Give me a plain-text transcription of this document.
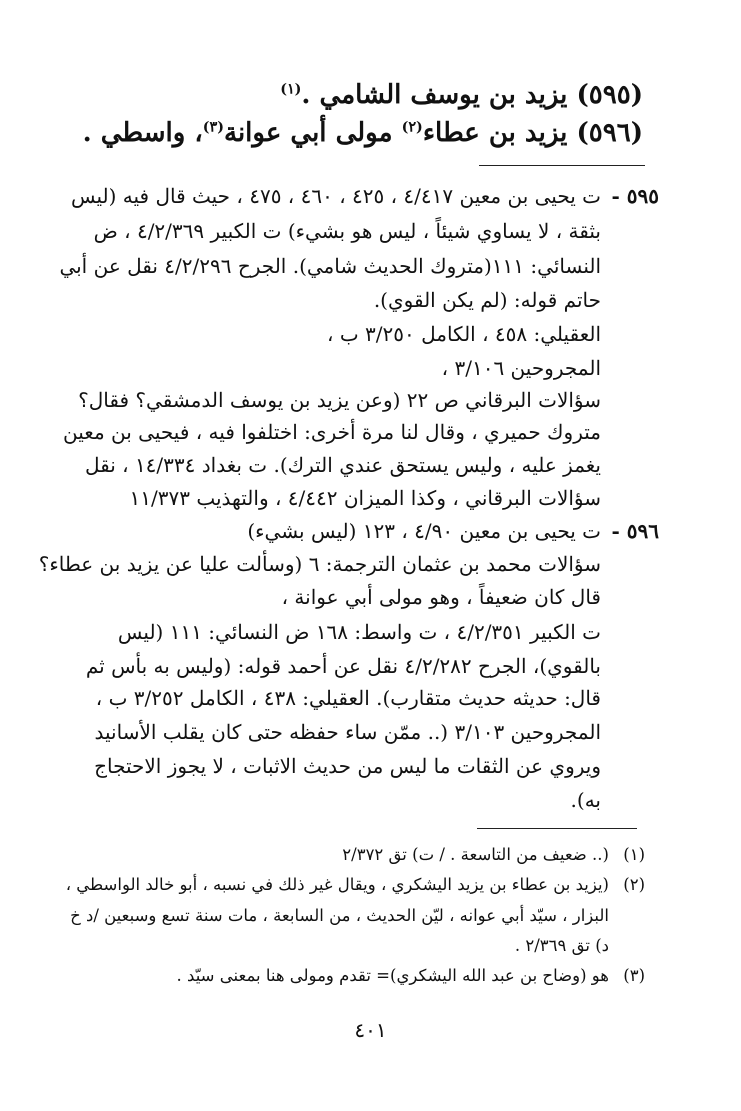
(٥٩٥) يزيد بن يوسف الشامي .$^{(١)}$
(٥٩٦) يزيد بن عطاء$^{(٢)}$ مولى أبي عوانة$^{(٣)}$، واسطي .
٥٩٥ -
ت يحيى بن معين ٤/٤١٧ ، ٤٢٥ ، ٤٦٠ ، ٤٧٥ ، حيث قال فيه (ليس
بثقة ، لا يساوي شيئاً ، ليس هو بشيء) ت الكبير ٤/٢/٣٦٩ ، ض
النسائي: ١١١(متروك الحديث شامي). الجرح ٤/٢/٢٩٦ نقل عن أبي
حاتم قوله: (لم يكن القوي).
العقيلي: ٤٥٨ ، الكامل ٣/٢٥٠ ب ،
المجروحين ٣/١٠٦ ،
سؤالات البرقاني ص ٢٢ (وعن يزيد بن يوسف الدمشقي؟ فقال؟
متروك حميري ، وقال لنا مرة أخرى: اختلفوا فيه ، فيحيى بن معين
يغمز عليه ، وليس يستحق عندي الترك). ت بغداد ١٤/٣٣٤ ، نقل
سؤالات البرقاني ، وكذا الميزان ٤/٤٤٢ ، والتهذيب ١١/٣٧٣
٥٩٦ -
ت يحيى بن معين ٤/٩٠ ، ١٢٣ (ليس بشيء)
سؤالات محمد بن عثمان الترجمة: ٦ (وسألت عليا عن يزيد بن عطاء؟
قال كان ضعيفاً ، وهو مولى أبي عوانة ،
ت الكبير ٤/٢/٣٥١ ، ت واسط: ١٦٨ ض النسائي: ١١١ (ليس
بالقوي)، الجرح ٤/٢/٢٨٢ نقل عن أحمد قوله: (وليس به بأس ثم
قال: حديثه حديث متقارب). العقيلي: ٤٣٨ ، الكامل ٣/٢٥٢ ب ،
المجروحين ٣/١٠٣ (.. ممّن ساء حفظه حتى كان يقلب الأسانيد
ويروي عن الثقات ما ليس من حديث الاثبات ، لا يجوز الاحتجاج
به).
(١)
(.. ضعيف من التاسعة . / ت) تق ٢/٣٧٢
(٢)
(يزيد بن عطاء بن يزيد اليشكري ، ويقال غير ذلك في نسبه ، أبو خالد الواسطي ،
البزار ، سيّد أبي عوانه ، ليّن الحديث ، من السابعة ، مات سنة تسع وسبعين /د خ
د) تق ٢/٣٦٩ .
(٣)
هو (وضاح بن عبد الله اليشكري)= تقدم ومولى هنا بمعنى سيّد .
٤٠١
